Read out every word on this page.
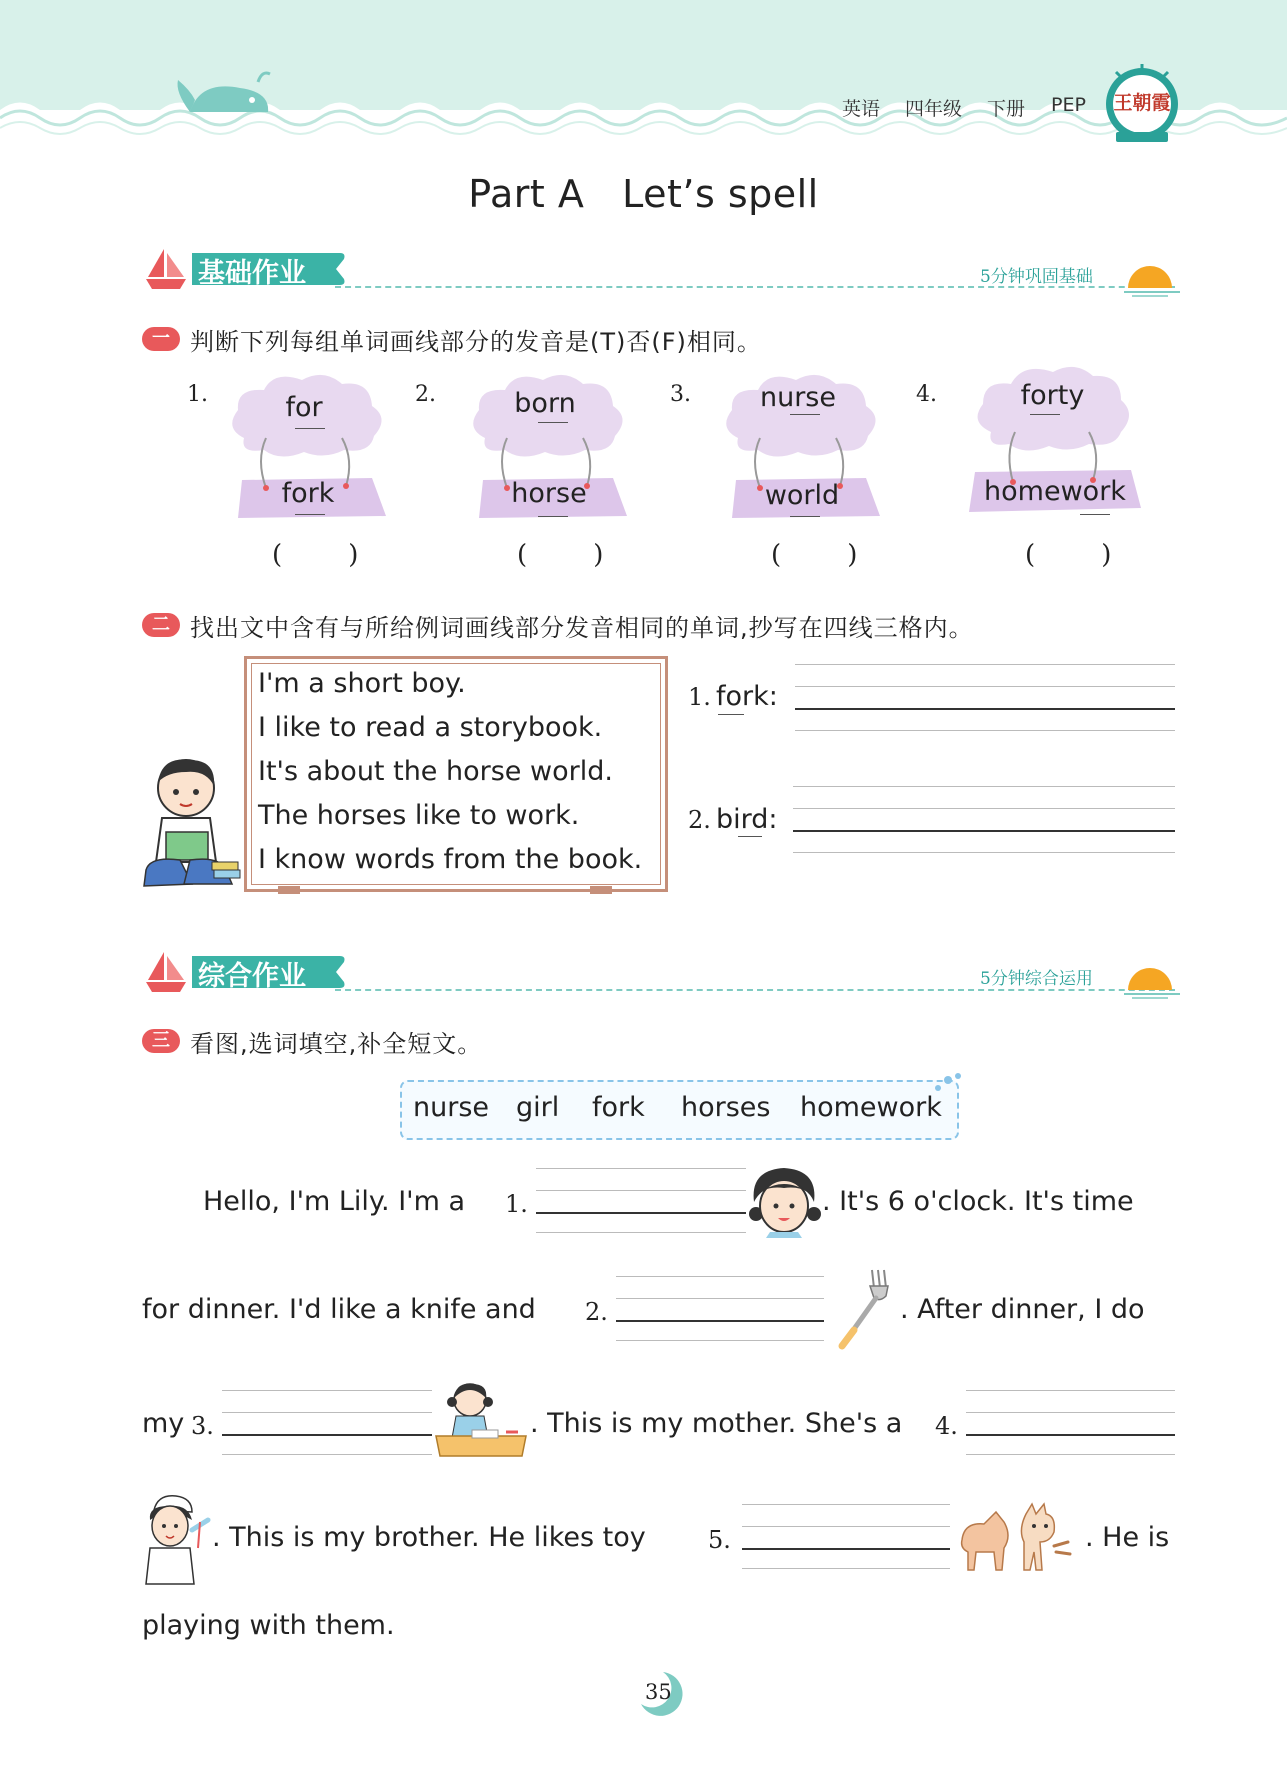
英语 四年级 下册 PEP 王朝霞
Part A   Let’s spell
基础作业	5分钟巩固基础
一 判断下列每组单词画线部分的发音是(T)否(F)相同。
1.	for
fork
(        )
2.	born
horse
(        )
3.	nurse
world
(        )
4.	forty
homework
(        )
二 找出文中含有与所给例词画线部分发音相同的单词,抄写在四线三格内。
I'm a short boy.
I like to read a storybook.
It's about the horse world.
The horses like to work.
I know words from the book.
1. fork:
2. bird:
综合作业	5分钟综合运用
三 看图,选词填空,补全短文。
nurse girl fork horses homework
Hello, I'm Lily. I'm a 1.	. It's 6 o'clock. It's time
for dinner. I'd like a knife and 2.	. After dinner, I do
my 3.	. This is my mother. She's a 4.
. This is my brother. He likes toy	5.	. He is
playing with them.
35
